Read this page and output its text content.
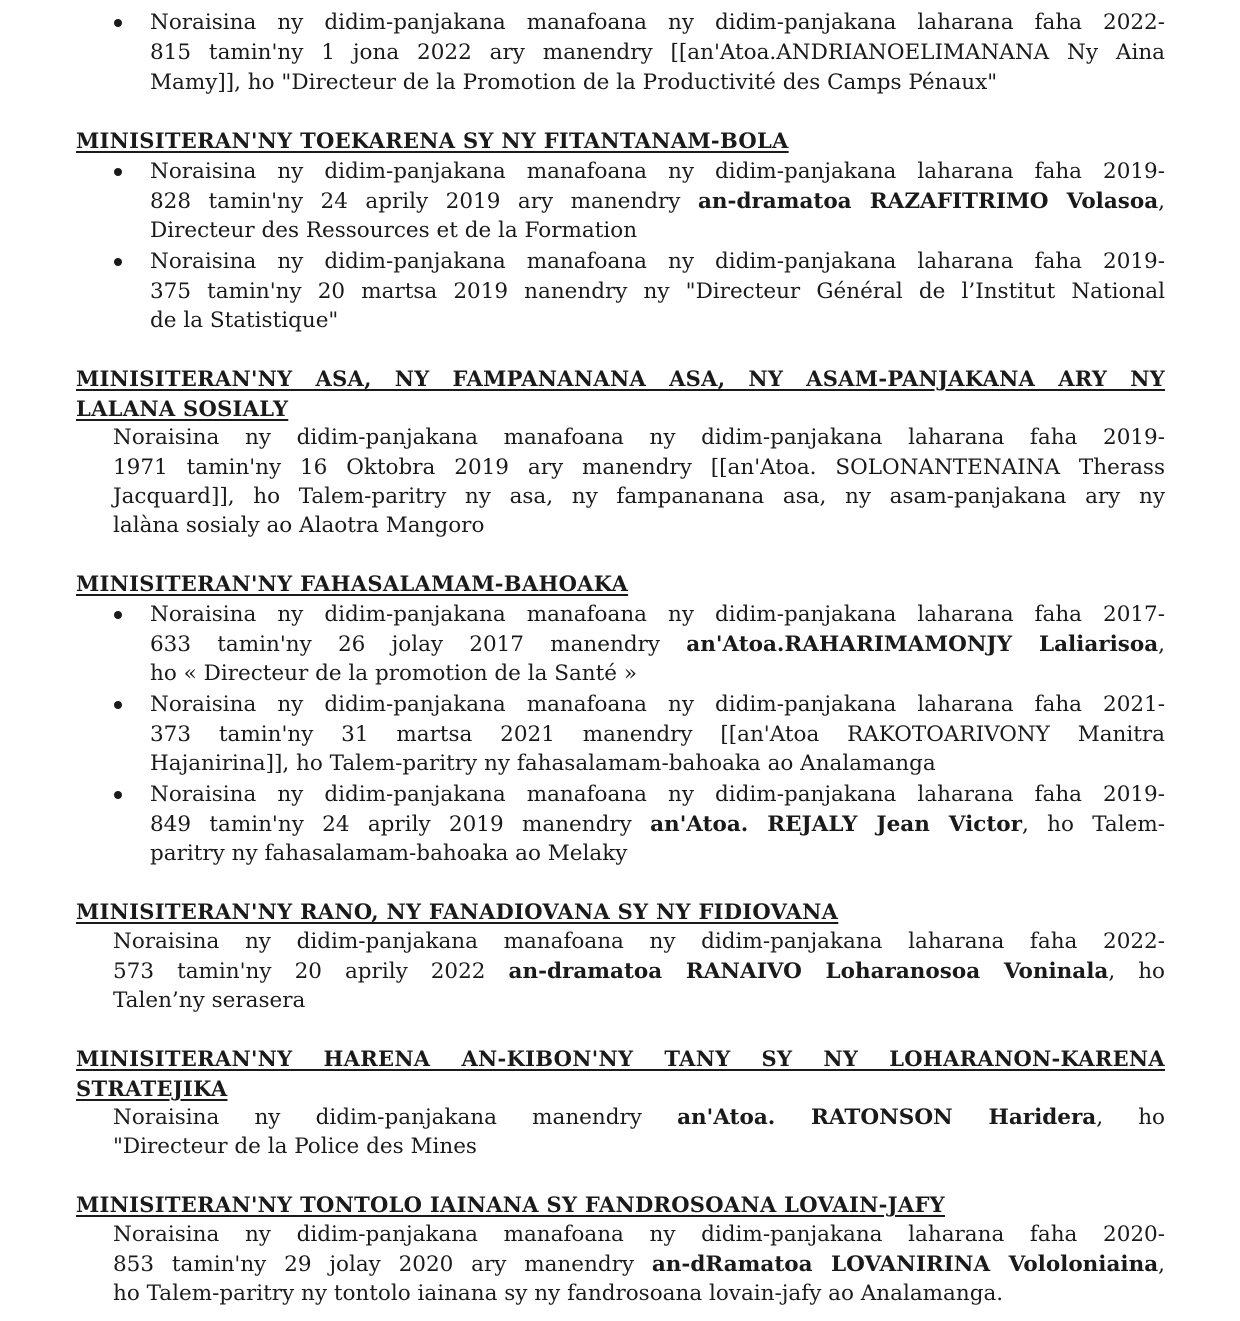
Noraisina ny didim-panjakana manafoana ny didim-panjakana laharana faha 2022-
815 tamin'ny 1 jona 2022 ary manendry [[an'Atoa.ANDRIANOELIMANANA Ny Aina
Mamy]], ho "Directeur de la Promotion de la Productivité des Camps Pénaux"
MINISITERAN'NY TOEKARENA SY NY FITANTANAM-BOLA
Noraisina ny didim-panjakana manafoana ny didim-panjakana laharana faha 2019-
828 tamin'ny 24 aprily 2019 ary manendry an-dramatoa RAZAFITRIMO Volasoa,
Directeur des Ressources et de la Formation
Noraisina ny didim-panjakana manafoana ny didim-panjakana laharana faha 2019-
375 tamin'ny 20 martsa 2019 nanendry ny "Directeur Général de l’Institut National
de la Statistique"
MINISITERAN'NY ASA, NY FAMPANANANA ASA, NY ASAM-PANJAKANA ARY NY
LALANA SOSIALY
Noraisina ny didim-panjakana manafoana ny didim-panjakana laharana faha 2019-
1971 tamin'ny 16 Oktobra 2019 ary manendry [[an'Atoa. SOLONANTENAINA Therass
Jacquard]], ho Talem-paritry ny asa, ny fampananana asa, ny asam-panjakana ary ny
lalàna sosialy ao Alaotra Mangoro
MINISITERAN'NY FAHASALAMAM-BAHOAKA
Noraisina ny didim-panjakana manafoana ny didim-panjakana laharana faha 2017-
633 tamin'ny 26 jolay 2017 manendry an'Atoa.RAHARIMAMONJY Laliarisoa,
ho « Directeur de la promotion de la Santé »
Noraisina ny didim-panjakana manafoana ny didim-panjakana laharana faha 2021-
373 tamin'ny 31 martsa 2021 manendry [[an'Atoa RAKOTOARIVONY Manitra
Hajanirina]], ho Talem-paritry ny fahasalamam-bahoaka ao Analamanga
Noraisina ny didim-panjakana manafoana ny didim-panjakana laharana faha 2019-
849 tamin'ny 24 aprily 2019 manendry an'Atoa. REJALY Jean Victor, ho Talem-
paritry ny fahasalamam-bahoaka ao Melaky
MINISITERAN'NY RANO, NY FANADIOVANA SY NY FIDIOVANA
Noraisina ny didim-panjakana manafoana ny didim-panjakana laharana faha 2022-
573 tamin'ny 20 aprily 2022 an-dramatoa RANAIVO Loharanosoa Voninala, ho
Talen’ny serasera
MINISITERAN'NY HARENA AN-KIBON'NY TANY SY NY LOHARANON-KARENA
STRATEJIKA
Noraisina ny didim-panjakana manendry an'Atoa. RATONSON Haridera, ho
"Directeur de la Police des Mines
MINISITERAN'NY TONTOLO IAINANA SY FANDROSOANA LOVAIN-JAFY
Noraisina ny didim-panjakana manafoana ny didim-panjakana laharana faha 2020-
853 tamin'ny 29 jolay 2020 ary manendry an-dRamatoa LOVANIRINA Vololoniaina,
ho Talem-paritry ny tontolo iainana sy ny fandrosoana lovain-jafy ao Analamanga.
